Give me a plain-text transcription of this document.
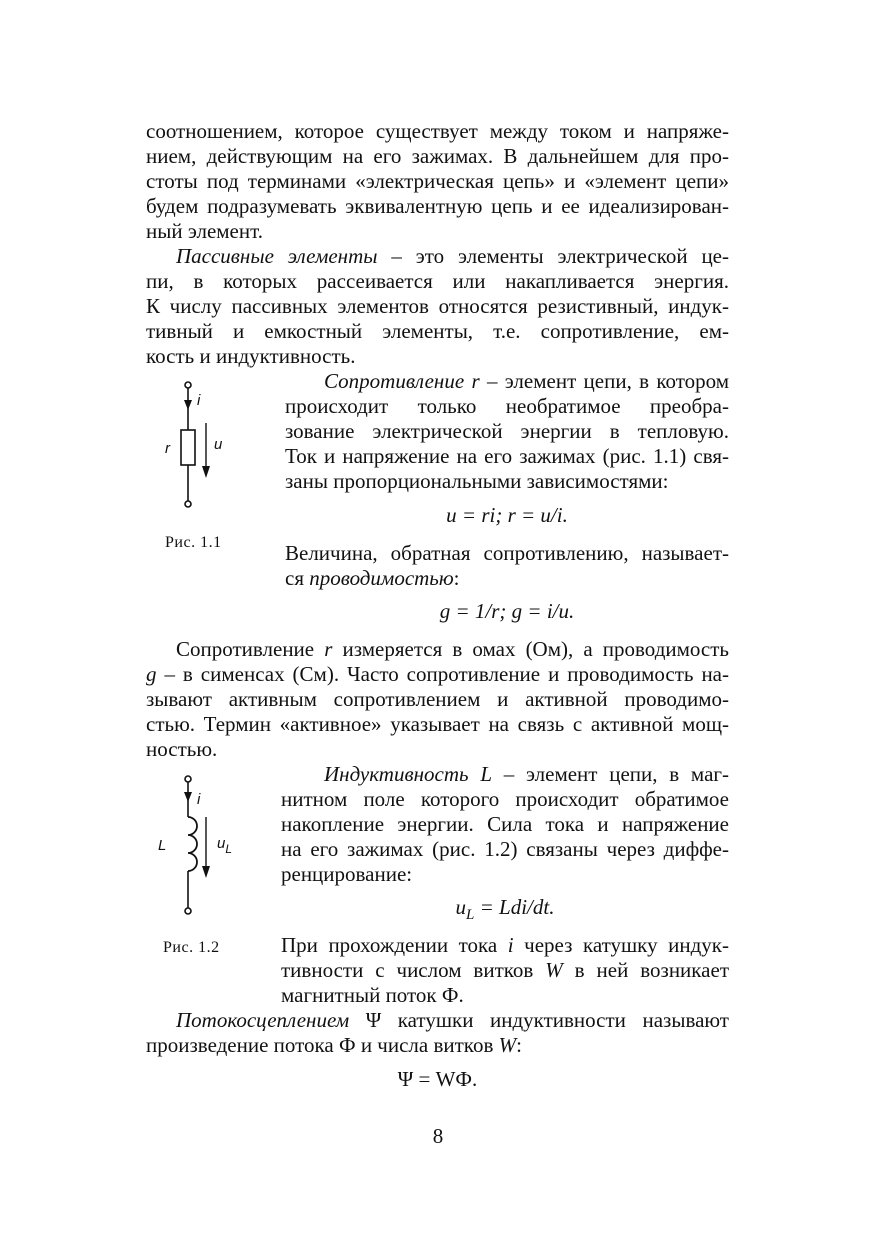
соотношением, которое существует между током и напряже-
нием, действующим на его зажимах. В дальнейшем для про-
стоты под терминами «электрическая цепь» и «элемент цепи»
будем подразумевать эквивалентную цепь и ее идеализирован-
ный элемент.
Пассивные элементы – это элементы электрической це-
пи, в которых рассеивается или накапливается энергия.
К числу пассивных элементов относятся резистивный, индук-
тивный и емкостный элементы, т.е. сопротивление, ем-
кость и индуктивность.
i
r	u
Рис. 1.1
Сопротивление r – элемент цепи, в котором
происходит только необратимое преобра-
зование электрической энергии в тепловую.
Ток и напряжение на его зажимах (рис. 1.1) свя-
заны пропорциональными зависимостями:
u = ri; r = u/i.
Величина, обратная сопротивлению, называет-
ся проводимостью:
g = 1/r; g = i/u.
Сопротивление r измеряется в омах (Ом), а проводимость
g – в сименсах (См). Часто сопротивление и проводимость на-
зывают активным сопротивлением и активной проводимо-
стью. Термин «активное» указывает на связь с активной мощ-
ностью.
i
L	$u_L$
Рис. 1.2
Индуктивность L – элемент цепи, в маг-
нитном поле которого происходит обратимое
накопление энергии. Сила тока и напряжение
на его зажимах (рис. 1.2) связаны через диффе-
ренцирование:
$u_L = Ldi/dt$.
При прохождении тока i через катушку индук-
тивности с числом витков W в ней возникает
магнитный поток Ф.
Потокосцеплением Ψ катушки индуктивности называют
произведение потока Ф и числа витков W:
Ψ = WФ.
8
